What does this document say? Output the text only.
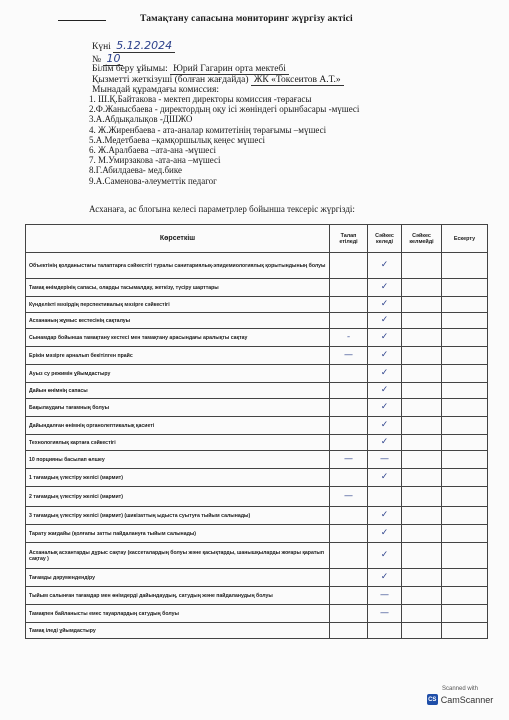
Тамақтану сапасына мониторинг жүргізу актісі
Күні 5.12.2024
№ 10
Білім беру ұйымы: Юрий Гагарин орта мектебі
Қызметті жеткізуші (болған жағдайда) ЖК «Токсеитов А.Т.»
Мынадай құрамдағы комиссия:
1. Ш.Қ.Байтакова - мектеп директоры комиссия -төрағасы
2.Ф.Жаныcбаева - директордың оқу ісі жөніндегі орынбасары -мүшесі
3.А.Абдықалықов -ДШЖО
4. Ж.Жиренбаева - ата-аналар комитетінің төрағымы –мүшесі
5.А.Медетбаева –қамқоршылық кеңес мүшесі
6. Ж.Аралбаева –ата-ана -мүшесі
7. М.Умирзакова -ата-ана –мүшесі
8.Г.Абилдаева- мед.бике
9.А.Саменова-әлеуметтік педагог
Асханаға, ас блогына келесі параметрлер бойынша тексеріс жүргізді:
Көрсеткіш	Талап етіледі	Сәйкес келеді	Сәйкес келмейді	Ескерту
Объектінің қолданыстағы талаптарға сәйкестігі туралы санитариялық-эпидемиологиялық қорытындының болуы		✓		

Тамақ өнімдерінің сапасы, оларды тасымалдау, жеткізу, түсіру шарттары		✓		

Күнделікті мәзірдің перспективалық мәзірге сәйкестігі		✓		

Асхананың жұмыс кестесінің сақталуы		✓		

Сынамдар бойынша тамақтану кестесі мен тамақтану арасындағы аралықты сақтау	-	✓		

Ерікін мәзірге арналып бекітілген прайс	—	✓		

Ауыз су режимін ұйымдастыру		✓		

Дайын өнімнің сапасы		✓		

Бақылаудағы тағамның болуы		✓		

Дайындалған өнімнің органолептикалық қасиеті		✓		

Технологиялық картаға сәйкестігі		✓		

10 порцияны басылап өлшеу	—	—		

1 тағамдың үлестіру желісі (мармит)		✓		

2 тағамдың үлестіру желісі (мармит)	—			

3 тағамдың үлестіру желісі (мармит) (шикізаттың ыдыста суытуға тыйым салынады)		✓		

Тарату жағдайы (қолғапы затты пайдалануға тыйым салынады)		✓		

Асханалық асхантарды дұрыс сақтау (кассеталардың болуы және қасықтарды, шанышқыларды жоғары қаратып сақтау )		✓		

Тағамды дәрумендендіру		✓		

Тыйым салынған тағамдар мен өнімдерді дайындаудың, сатудың және пайдаланудың болуы		—		

Тамақпен байланысты емес тауарлардың сатудың болуы		—		

Тамақ іледі ұйымдастыру	

Scanned with
CS CamScanner
